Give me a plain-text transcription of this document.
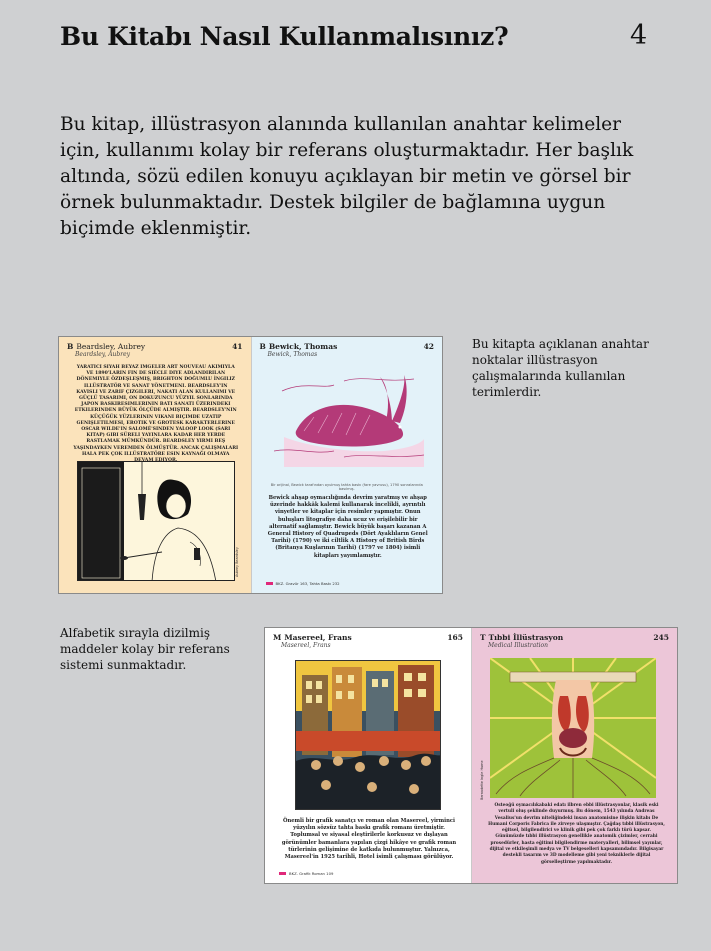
Bu Kitabı Nasıl Kullanmalısınız?	4

Bu kitap, illüstrasyon alanında kullanılan anahtar kelimeler için, kullanımı kolay bir referans oluşturmaktadır. Her başlık altında, sözü edilen konuyu açıklayan bir metin ve görsel bir örnek bulunmaktadır. Destek bilgiler de bağlamına uygun biçimde eklenmiştir.

B Beardsley, Aubrey	41
Beardsley, Aubrey
YARATICI SIYAH BEYAZ IMGELER ART NOUVEAU AKIMIYLA VE 1890'LARIN FIN DE SIÈCLE DIYE ADLANDIRILAN DÖNEMIYLE ÖZDEŞLEŞMIŞ, BRIGHTON DOĞUMLU İNGILIZ ILLÜSTRATÖR VE SANAT YÖNETMENI. BEARDSLEY'IN KAVISLI VE ZARIF ÇIZGILERI, NAKATI ALAN KULLANIMI VE GÜÇLÜ TASARIMI, ON DOKUZUNCU YÜZYIL SONLARINDA JAPON BASKIRESIMLERININ BATI SANATI ÜZERINDEKI ETKILERINDEN BÜYÜK ÖLÇÜDE ALMIŞTIR. BEARDSLEY'NIN KÜÇÜĞÜK YÜZLERININ VIKANI BIÇIMDE UZATIP GENIŞLETILMESI, EROTIK VE GROTESK KARAKTERLERINE OSCAR WILDE'IN SALOMÉ'SINDEN YALOOP LOOK (SARI KITAP) GIBI SÜRELI YAYINLARA KADAR HER YERDE RASTLAMAK MÜMKÜNDÜR. BEARDSLEY YIRMI BEŞ YAŞINDAYKEN VEREMDEN ÖLMÜŞTÜR. ANCAK ÇALIŞMALARI HALA PEK ÇOK ILLÜSTRATÖRE ESIN KAYNAĞI OLMAYA
Aubrey Beardsley
B Bewick, Thomas	42
Bewick, Thomas
Bir orijinal, Bewick tarafından oyulmuş tahta baskı (fare yavrusu), 1790 sonralarında basılmış.
Bewick ahşap oymacılığında devrim yaratmış ve ahşap üzerinde hakkâk kalemi kullanarak incelikli, ayrıntılı vinyetler ve kitaplar için resimler yapmıştır. Onun buluşları litografiye daha ucuz ve erişilebilir bir alternatif sağlamıştır. Bewick büyük başarı kazanan A General History of Quadrupeds (Dört Ayaklıların Genel Tarihi) (1790) ve iki ciltlik A History of British Birds (Britanya Kuşlarının Tarihi) (1797 ve 1804) isimli kitapları yayımlamıştır.
BKZ. Gravür 163, Tahta Baskı 232

Bu kitapta açıklanan anahtar noktalar illüstrasyon çalışmalarında kullanılan terimlerdir.

Alfabetik sırayla dizilmiş maddeler kolay bir referans sistemi sunmaktadır.

M Masereel, Frans	165
Masereel, Frans
Önemli bir grafik sanatçı ve roman olan Masereel, yirminci yüzyılın sözsüz tahta baskı grafik romanı üretmiştir. Toplumsal ve siyasal eleştirilerle korkusuz ve dışlayan görünümler bamanlara yapılan çizgi hikâye ve grafik roman türlerinin gelişimine de katkıda bulunmuştur. Yalnızca, Masereel'in 1925 tarihli, Hotel isimli çalışması görülüyor.
BKZ. Grafik Roman 109
T Tıbbi İllüstrasyon	245
Medical Illustration
Bernadette Ingle Hume
Osteoğü oymacılıkabaki edatı ilbren ebbi illüstrasyonlar, klasik eski vertuli oluş şeklinde duyurmuş. Bu dönem, 1543 yılında Andreas Vesalius'un devrim niteliğindeki insan anatomisine ilişkin kitabı De Humani Corporis Fabrica ile zirveye ulaşmıştır. Çağdaş tıbbi illüstrasyon, eğitsel, bilgilendirici ve klinik gibi pek çok farklı türü kapsar. Günümüzde tıbbi illüstrasyon genellikle anatomik çizimler, cerrahi prosedürler, hasta eğitimi bilgilendirme materyalleri, bilimsel yayınlar, dijital ve etkileşimli medya ve TV belgeselleri kapsamındadır. Bilgisayar destekli tasarım ve 3D modelleme gibi yeni tekniklerle dijital görselleştirme yapılmaktadır.
